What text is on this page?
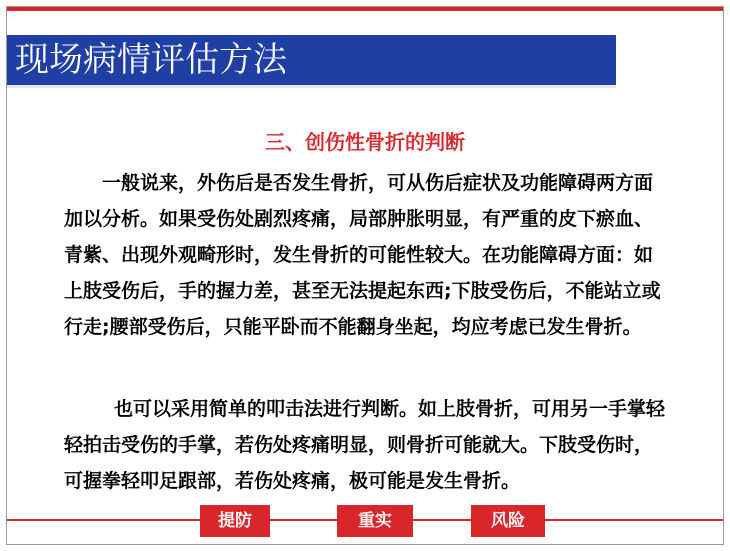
现场病情评估方法
三、创伤性骨折的判断

一般说来，外伤后是否发生骨折，可从伤后症状及功能障碍两方面
加以分析。如果受伤处剧烈疼痛，局部肿胀明显，有严重的皮下瘀血、
青紫、出现外观畸形时，发生骨折的可能性较大。在功能障碍方面：如
上肢受伤后，手的握力差，甚至无法提起东西;下肢受伤后，不能站立或
行走;腰部受伤后，只能平卧而不能翻身坐起，均应考虑已发生骨折。

也可以采用简单的叩击法进行判断。如上肢骨折，可用另一手掌轻
轻拍击受伤的手掌，若伤处疼痛明显，则骨折可能就大。下肢受伤时，
可握拳轻叩足跟部，若伤处疼痛，极可能是发生骨折。

提防	重实	风险
